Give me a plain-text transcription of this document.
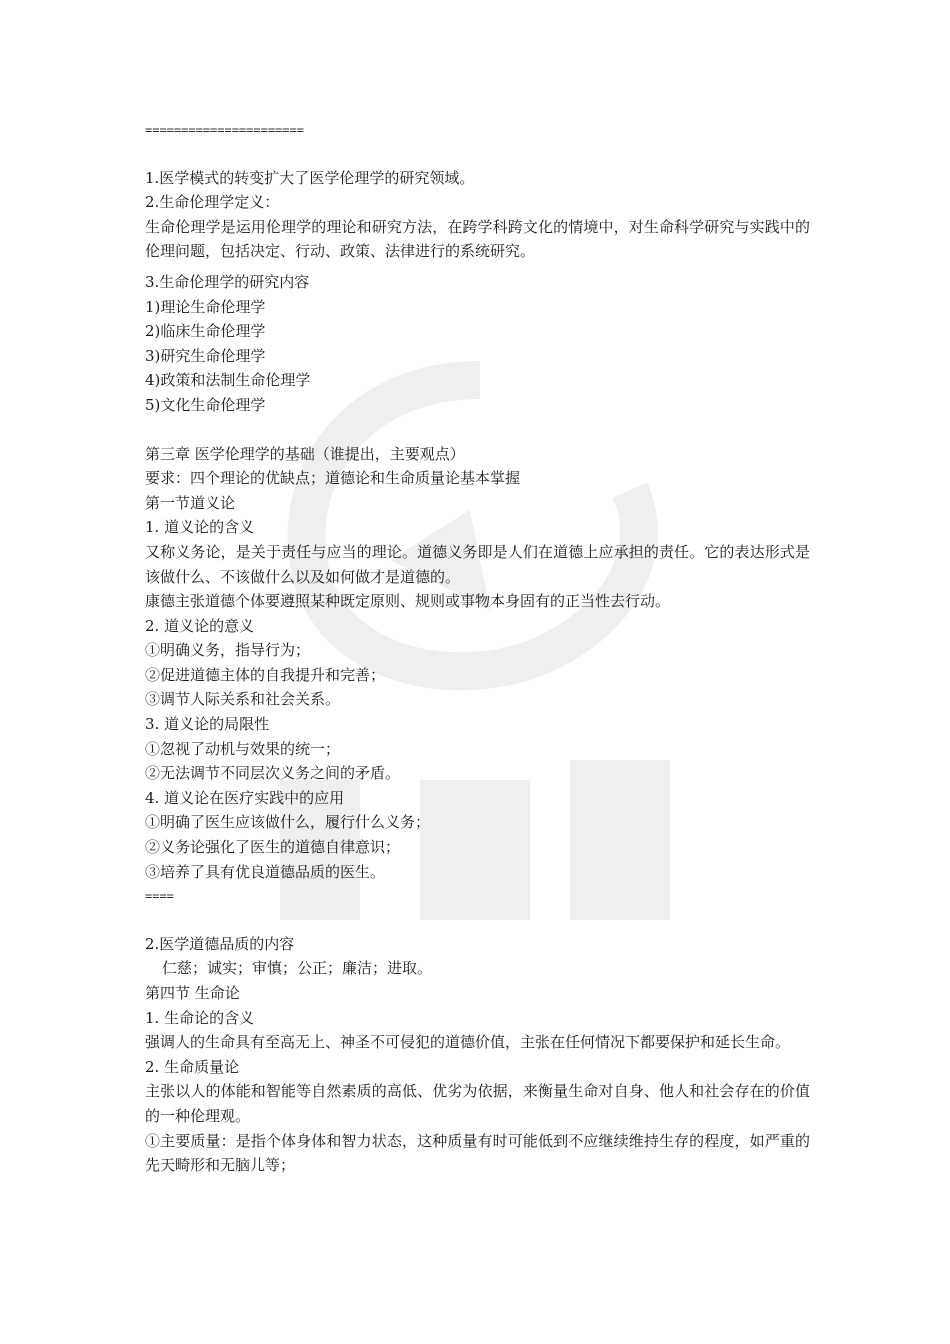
======================
1.医学模式的转变扩大了医学伦理学的研究领域。
2.生命伦理学定义：
生命伦理学是运用伦理学的理论和研究方法，在跨学科跨文化的情境中，对生命科学研究与实践中的伦理问题，包括决定、行动、政策、法律进行的系统研究。
3.生命伦理学的研究内容
1)理论生命伦理学
2)临床生命伦理学
3)研究生命伦理学
4)政策和法制生命伦理学
5)文化生命伦理学
第三章 医学伦理学的基础（谁提出，主要观点）
要求：四个理论的优缺点；道德论和生命质量论基本掌握
第一节道义论
1. 道义论的含义
又称义务论，是关于责任与应当的理论。道德义务即是人们在道德上应承担的责任。它的表达形式是该做什么、不该做什么以及如何做才是道德的。
康德主张道德个体要遵照某种既定原则、规则或事物本身固有的正当性去行动。
2. 道义论的意义
①明确义务，指导行为；
②促进道德主体的自我提升和完善；
③调节人际关系和社会关系。
3. 道义论的局限性
①忽视了动机与效果的统一；
②无法调节不同层次义务之间的矛盾。
4. 道义论在医疗实践中的应用
①明确了医生应该做什么，履行什么义务；
②义务论强化了医生的道德自律意识；
③培养了具有优良道德品质的医生。
====
2.医学道德品质的内容
仁慈；诚实；审慎；公正；廉洁；进取。
第四节 生命论
1. 生命论的含义
强调人的生命具有至高无上、神圣不可侵犯的道德价值，主张在任何情况下都要保护和延长生命。
2. 生命质量论
主张以人的体能和智能等自然素质的高低、优劣为依据，来衡量生命对自身、他人和社会存在的价值的一种伦理观。
①主要质量：是指个体身体和智力状态，这种质量有时可能低到不应继续维持生存的程度，如严重的先天畸形和无脑儿等；
